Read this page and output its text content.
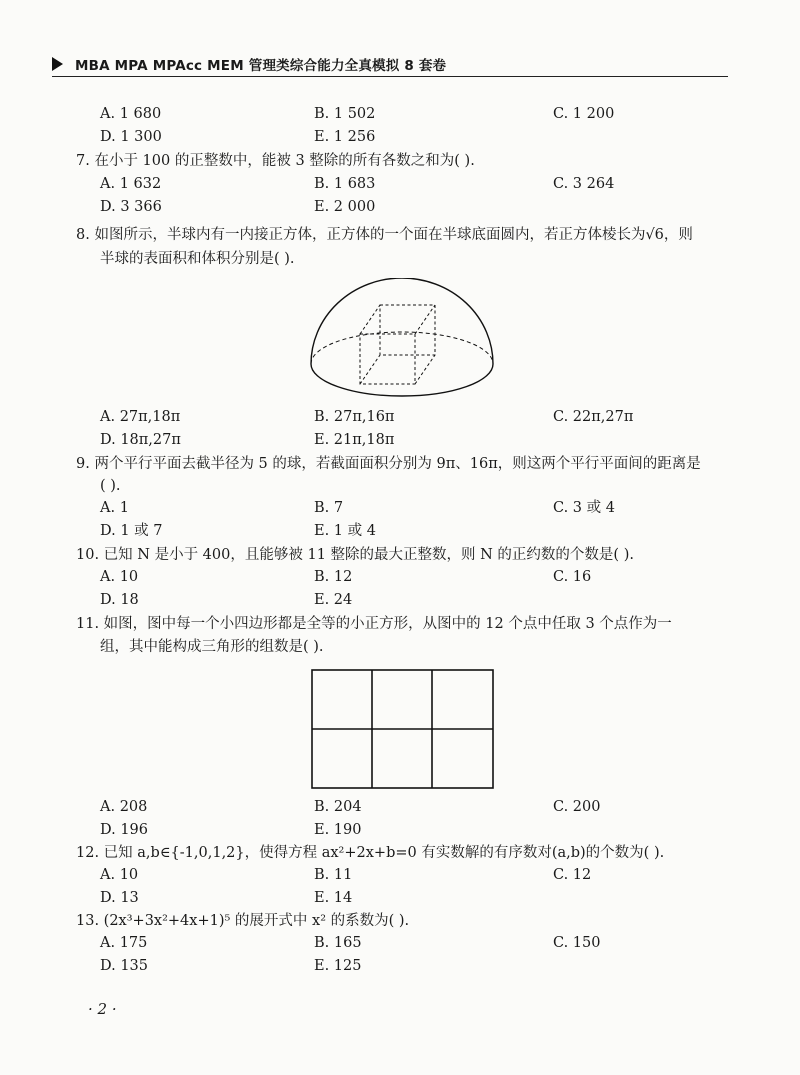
MBA MPA MPAcc MEM 管理类综合能力全真模拟 8 套卷
A. 1 680	B. 1 502	C. 1 200
D. 1 300	E. 1 256
7. 在小于 100 的正整数中，能被 3 整除的所有各数之和为( ).
A. 1 632	B. 1 683	C. 3 264
D. 3 366	E. 2 000
8. 如图所示，半球内有一内接正方体，正方体的一个面在半球底面圆内，若正方体棱长为√6，则
半球的表面积和体积分别是( ).
A. 27π,18π	B. 27π,16π	C. 22π,27π
D. 18π,27π	E. 21π,18π
9. 两个平行平面去截半径为 5 的球，若截面面积分别为 9π、16π，则这两个平行平面间的距离是
( ).
A. 1	B. 7	C. 3 或 4
D. 1 或 7	E. 1 或 4
10. 已知 N 是小于 400，且能够被 11 整除的最大正整数，则 N 的正约数的个数是( ).
A. 10	B. 12	C. 16
D. 18	E. 24
11. 如图，图中每一个小四边形都是全等的小正方形，从图中的 12 个点中任取 3 个点作为一
组，其中能构成三角形的组数是( ).
A. 208	B. 204	C. 200
D. 196	E. 190
12. 已知 a,b∈{-1,0,1,2}，使得方程 ax²+2x+b=0 有实数解的有序数对(a,b)的个数为( ).
A. 10	B. 11	C. 12
D. 13	E. 14
13. (2x³+3x²+4x+1)⁵ 的展开式中 x² 的系数为( ).
A. 175	B. 165	C. 150
D. 135	E. 125
· 2 ·
